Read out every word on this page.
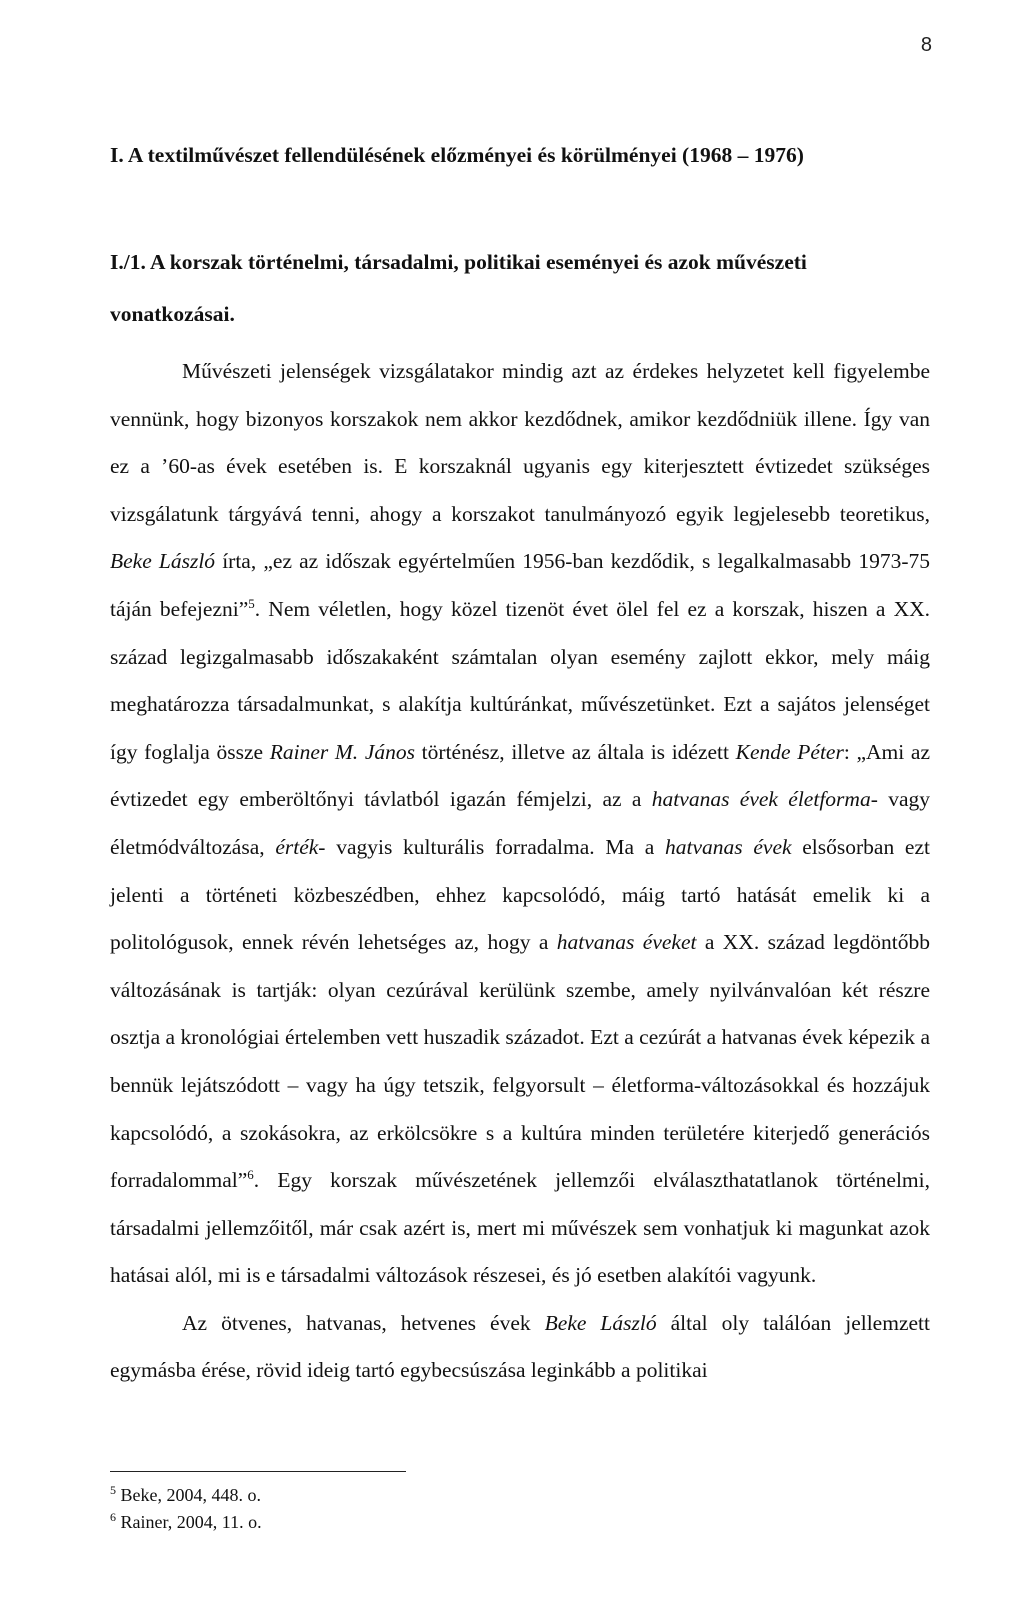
8
I. A textilművészet fellendülésének előzményei és körülményei (1968 – 1976)
I./1. A korszak történelmi, társadalmi, politikai eseményei és azok művészeti vonatkozásai.

Művészeti jelenségek vizsgálatakor mindig azt az érdekes helyzetet kell figyelembe vennünk, hogy bizonyos korszakok nem akkor kezdődnek, amikor kezdődniük illene. Így van ez a ’60-as évek esetében is. E korszaknál ugyanis egy kiterjesztett évtizedet szükséges vizsgálatunk tárgyává tenni, ahogy a korszakot tanulmányozó egyik legjelesebb teoretikus, Beke László írta, „ez az időszak egyértelműen 1956-ban kezdődik, s legalkalmasabb 1973-75 táján befejezni”$^5$. Nem véletlen, hogy közel tizenöt évet ölel fel ez a korszak, hiszen a XX. század legizgalmasabb időszakaként számtalan olyan esemény zajlott ekkor, mely máig meghatározza társadalmunkat, s alakítja kultúránkat, művészetünket. Ezt a sajátos jelenséget így foglalja össze Rainer M. János történész, illetve az általa is idézett Kende Péter: „Ami az évtizedet egy emberöltőnyi távlatból igazán fémjelzi, az a hatvanas évek életforma- vagy életmódváltozása, érték- vagyis kulturális forradalma. Ma a hatvanas évek elsősorban ezt jelenti a történeti közbeszédben, ehhez kapcsolódó, máig tartó hatását emelik ki a politológusok, ennek révén lehetséges az, hogy a hatvanas éveket a XX. század legdöntőbb változásának is tartják: olyan cezúrával kerülünk szembe, amely nyilvánvalóan két részre osztja a kronológiai értelemben vett huszadik századot. Ezt a cezúrát a hatvanas évek képezik a bennük lejátszódott – vagy ha úgy tetszik, felgyorsult – életforma-változásokkal és hozzájuk kapcsolódó, a szokásokra, az erkölcsökre s a kultúra minden területére kiterjedő generációs forradalommal”$^6$. Egy korszak művészetének jellemzői elválaszthatatlanok történelmi, társadalmi jellemzőitől, már csak azért is, mert mi művészek sem vonhatjuk ki magunkat azok hatásai alól, mi is e társadalmi változások részesei, és jó esetben alakítói vagyunk.

Az ötvenes, hatvanas, hetvenes évek Beke László által oly találóan jellemzett egymásba érése, rövid ideig tartó egybecsúszása leginkább a politikai

$^5$ Beke, 2004, 448. o.
$^6$ Rainer, 2004, 11. o.
